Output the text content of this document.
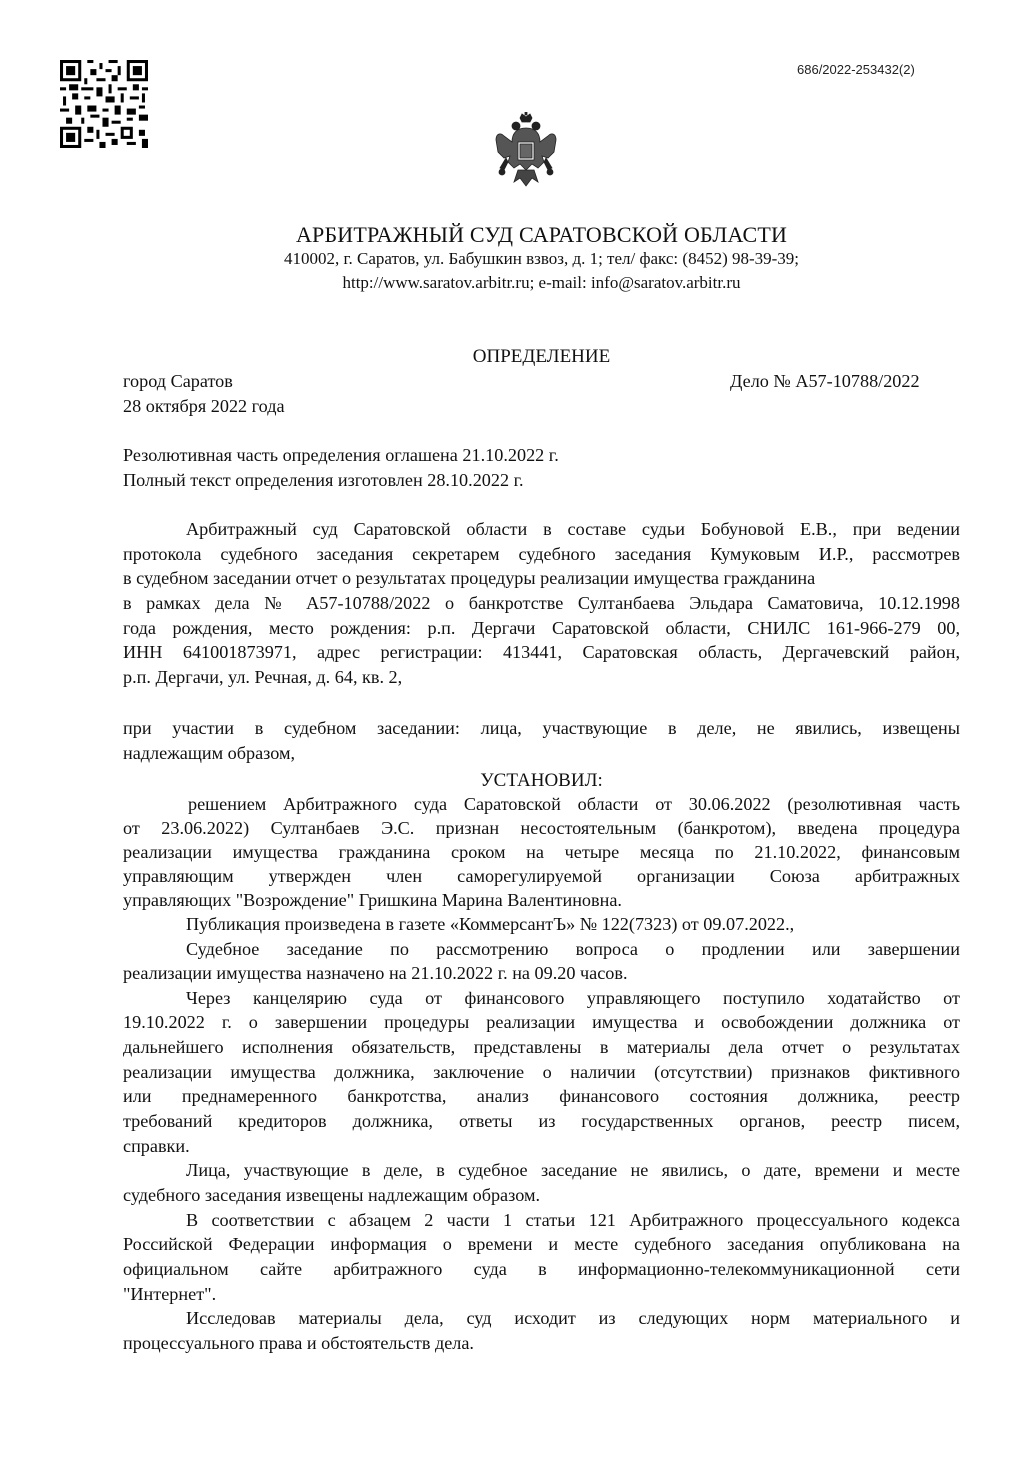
686/2022-253432(2)
АРБИТРАЖНЫЙ СУД САРАТОВСКОЙ ОБЛАСТИ
410002, г. Саратов, ул. Бабушкин взвоз, д. 1; тел/ факс: (8452) 98-39-39;
http://www.saratov.arbitr.ru; e-mail: info@saratov.arbitr.ru
ОПРЕДЕЛЕНИЕ
город Саратов	Дело № А57-10788/2022
28 октября 2022 года
Резолютивная часть определения оглашена 21.10.2022 г.
Полный текст определения изготовлен 28.10.2022 г.
Арбитражный суд Саратовской области в составе судьи Бобуновой Е.В., при ведении
протокола судебного заседания секретарем судебного заседания Кумуковым И.Р., рассмотрев
в судебном заседании отчет о результатах процедуры реализации имущества гражданина
в рамках дела № А57-10788/2022 о банкротстве Султанбаева Эльдара Саматовича, 10.12.1998
года рождения, место рождения: р.п. Дергачи Саратовской области, СНИЛС 161-966-279 00,
ИНН 641001873971, адрес регистрации: 413441, Саратовская область, Дергачевский район,
р.п. Дергачи, ул. Речная, д. 64, кв. 2,
при участии в судебном заседании: лица, участвующие в деле, не явились, извещены
надлежащим образом,
УСТАНОВИЛ:
решением Арбитражного суда Саратовской области от 30.06.2022 (резолютивная часть
от 23.06.2022) Султанбаев Э.С. признан несостоятельным (банкротом), введена процедура
реализации имущества гражданина сроком на четыре месяца по 21.10.2022, финансовым
управляющим утвержден член саморегулируемой организации Союза арбитражных
управляющих "Возрождение" Гришкина Марина Валентиновна.
Публикация произведена в газете «КоммерсантЪ» № 122(7323) от 09.07.2022.,
Судебное заседание по рассмотрению вопроса о продлении или завершении
реализации имущества назначено на 21.10.2022 г. на 09.20 часов.
Через канцелярию суда от финансового управляющего поступило ходатайство от
19.10.2022 г. о завершении процедуры реализации имущества и освобождении должника от
дальнейшего исполнения обязательств, представлены в материалы дела отчет о результатах
реализации имущества должника, заключение о наличии (отсутствии) признаков фиктивного
или преднамеренного банкротства, анализ финансового состояния должника, реестр
требований кредиторов должника, ответы из государственных органов, реестр писем,
справки.
Лица, участвующие в деле, в судебное заседание не явились, о дате, времени и месте
судебного заседания извещены надлежащим образом.
В соответствии с абзацем 2 части 1 статьи 121 Арбитражного процессуального кодекса
Российской Федерации информация о времени и месте судебного заседания опубликована на
официальном сайте арбитражного суда в информационно-телекоммуникационной сети
"Интернет".
Исследовав материалы дела, суд исходит из следующих норм материального и
процессуального права и обстоятельств дела.
